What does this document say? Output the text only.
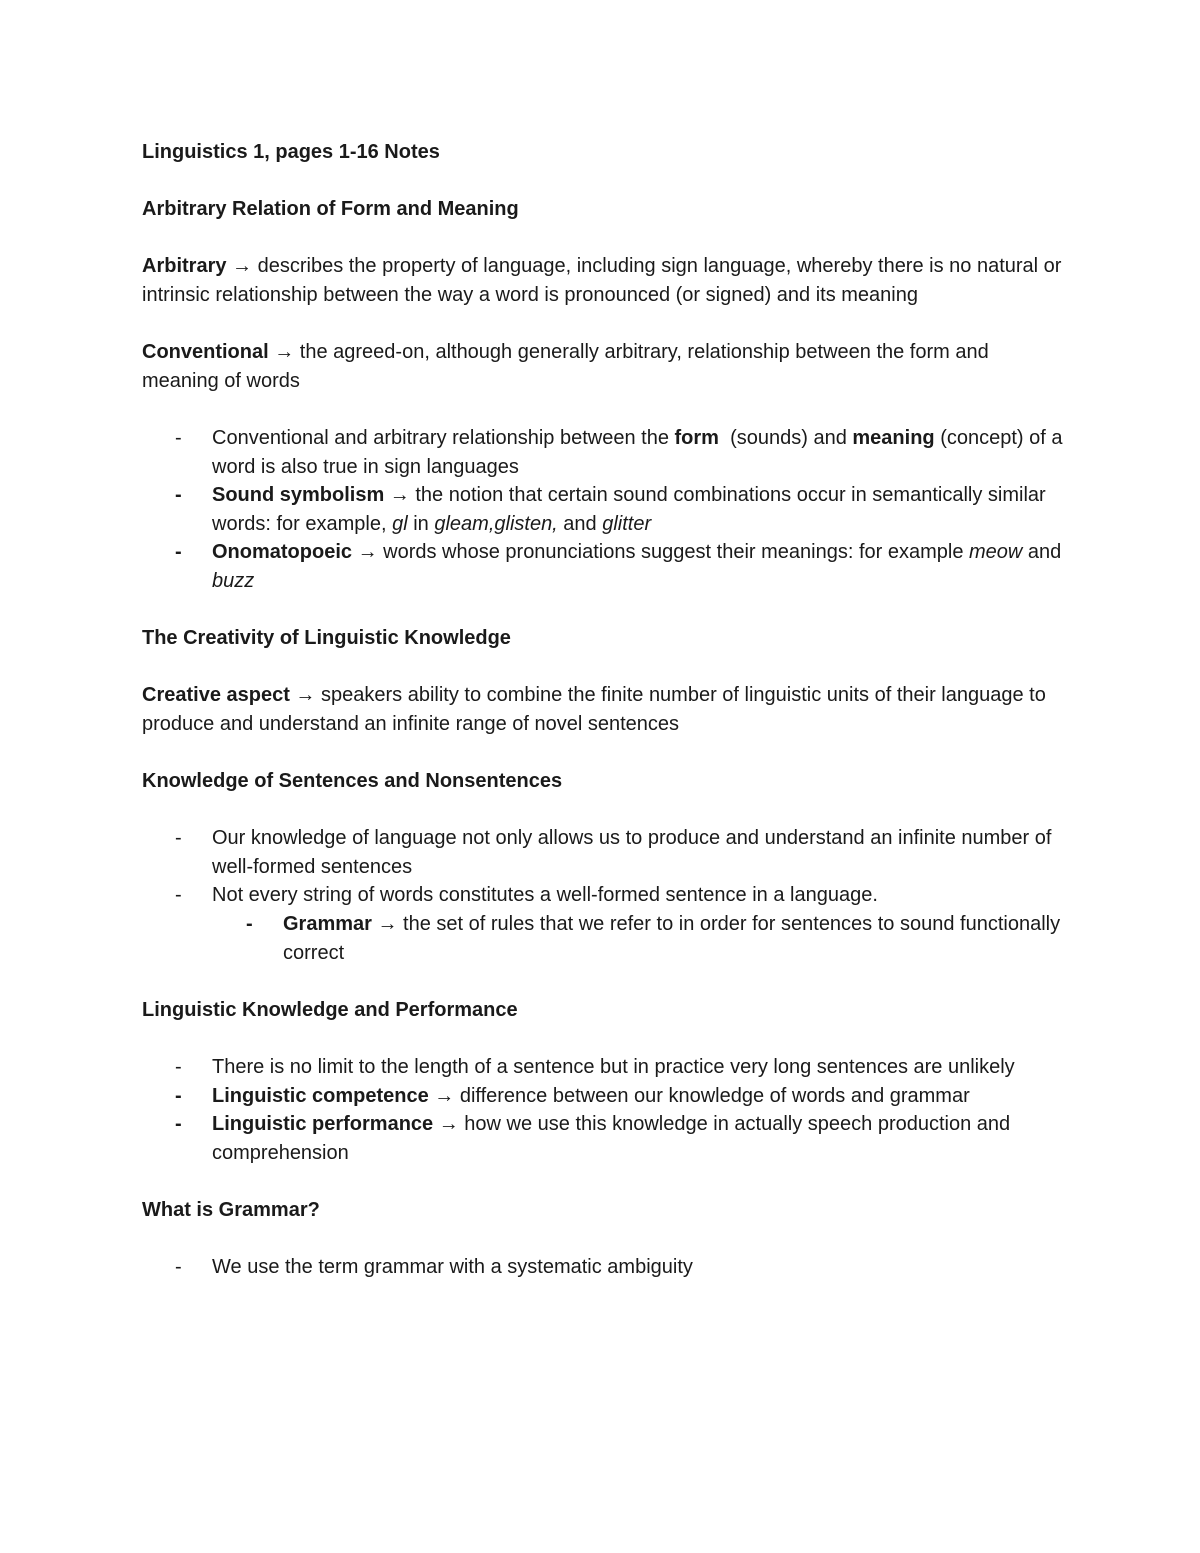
Linguistics 1, pages 1-16 Notes

Arbitrary Relation of Form and Meaning

Arbitrary → describes the property of language, including sign language, whereby there is no natural or intrinsic relationship between the way a word is pronounced (or signed) and its meaning

Conventional → the agreed-on, although generally arbitrary, relationship between the form and meaning of words

- Conventional and arbitrary relationship between the form  (sounds) and meaning (concept) of a word is also true in sign languages
- Sound symbolism → the notion that certain sound combinations occur in semantically similar words: for example, gl in gleam,glisten, and glitter
- Onomatopoeic → words whose pronunciations suggest their meanings: for example meow and buzz

The Creativity of Linguistic Knowledge

Creative aspect → speakers ability to combine the finite number of linguistic units of their language to produce and understand an infinite range of novel sentences

Knowledge of Sentences and Nonsentences

- Our knowledge of language not only allows us to produce and understand an infinite number of well-formed sentences
- Not every string of words constitutes a well-formed sentence in a language.
- Grammar → the set of rules that we refer to in order for sentences to sound functionally correct

Linguistic Knowledge and Performance

- There is no limit to the length of a sentence but in practice very long sentences are unlikely
- Linguistic competence → difference between our knowledge of words and grammar
- Linguistic performance → how we use this knowledge in actually speech production and comprehension

What is Grammar?

- We use the term grammar with a systematic ambiguity
